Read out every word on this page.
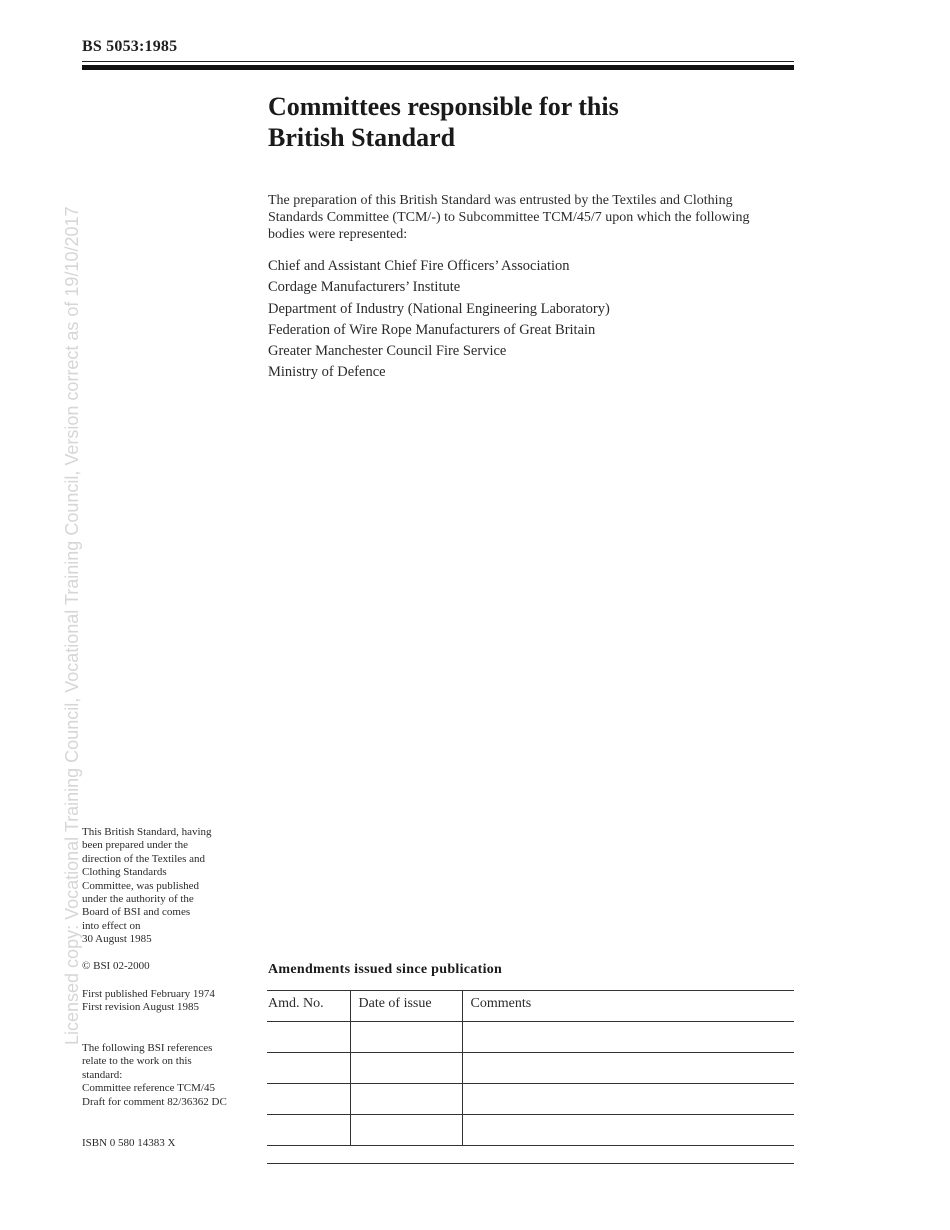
BS 5053:1985
Licensed copy: Vocational Training Council, Vocational Training Council, Version correct as of 19/10/2017
Committees responsible for this
British Standard

The preparation of this British Standard was entrusted by the Textiles and Clothing Standards Committee (TCM/-) to Subcommittee TCM/45/7 upon which the following bodies were represented:

Chief and Assistant Chief Fire Officers’ Association
Cordage Manufacturers’ Institute
Department of Industry (National Engineering Laboratory)
Federation of Wire Rope Manufacturers of Great Britain
Greater Manchester Council Fire Service
Ministry of Defence

This British Standard, having

been prepared under the

direction of the Textiles and

Clothing Standards

Committee, was published

under the authority of the

Board of BSI and comes

into effect on

30 August 1985

© BSI 02-2000

First published February 1974

First revision August 1985

The following BSI references

relate to the work on this

standard:

Committee reference TCM/45

Draft for comment 82/36362 DC

ISBN 0 580 14383 X

Amendments issued since publication
Amd. No.	Date of issue	Comments
